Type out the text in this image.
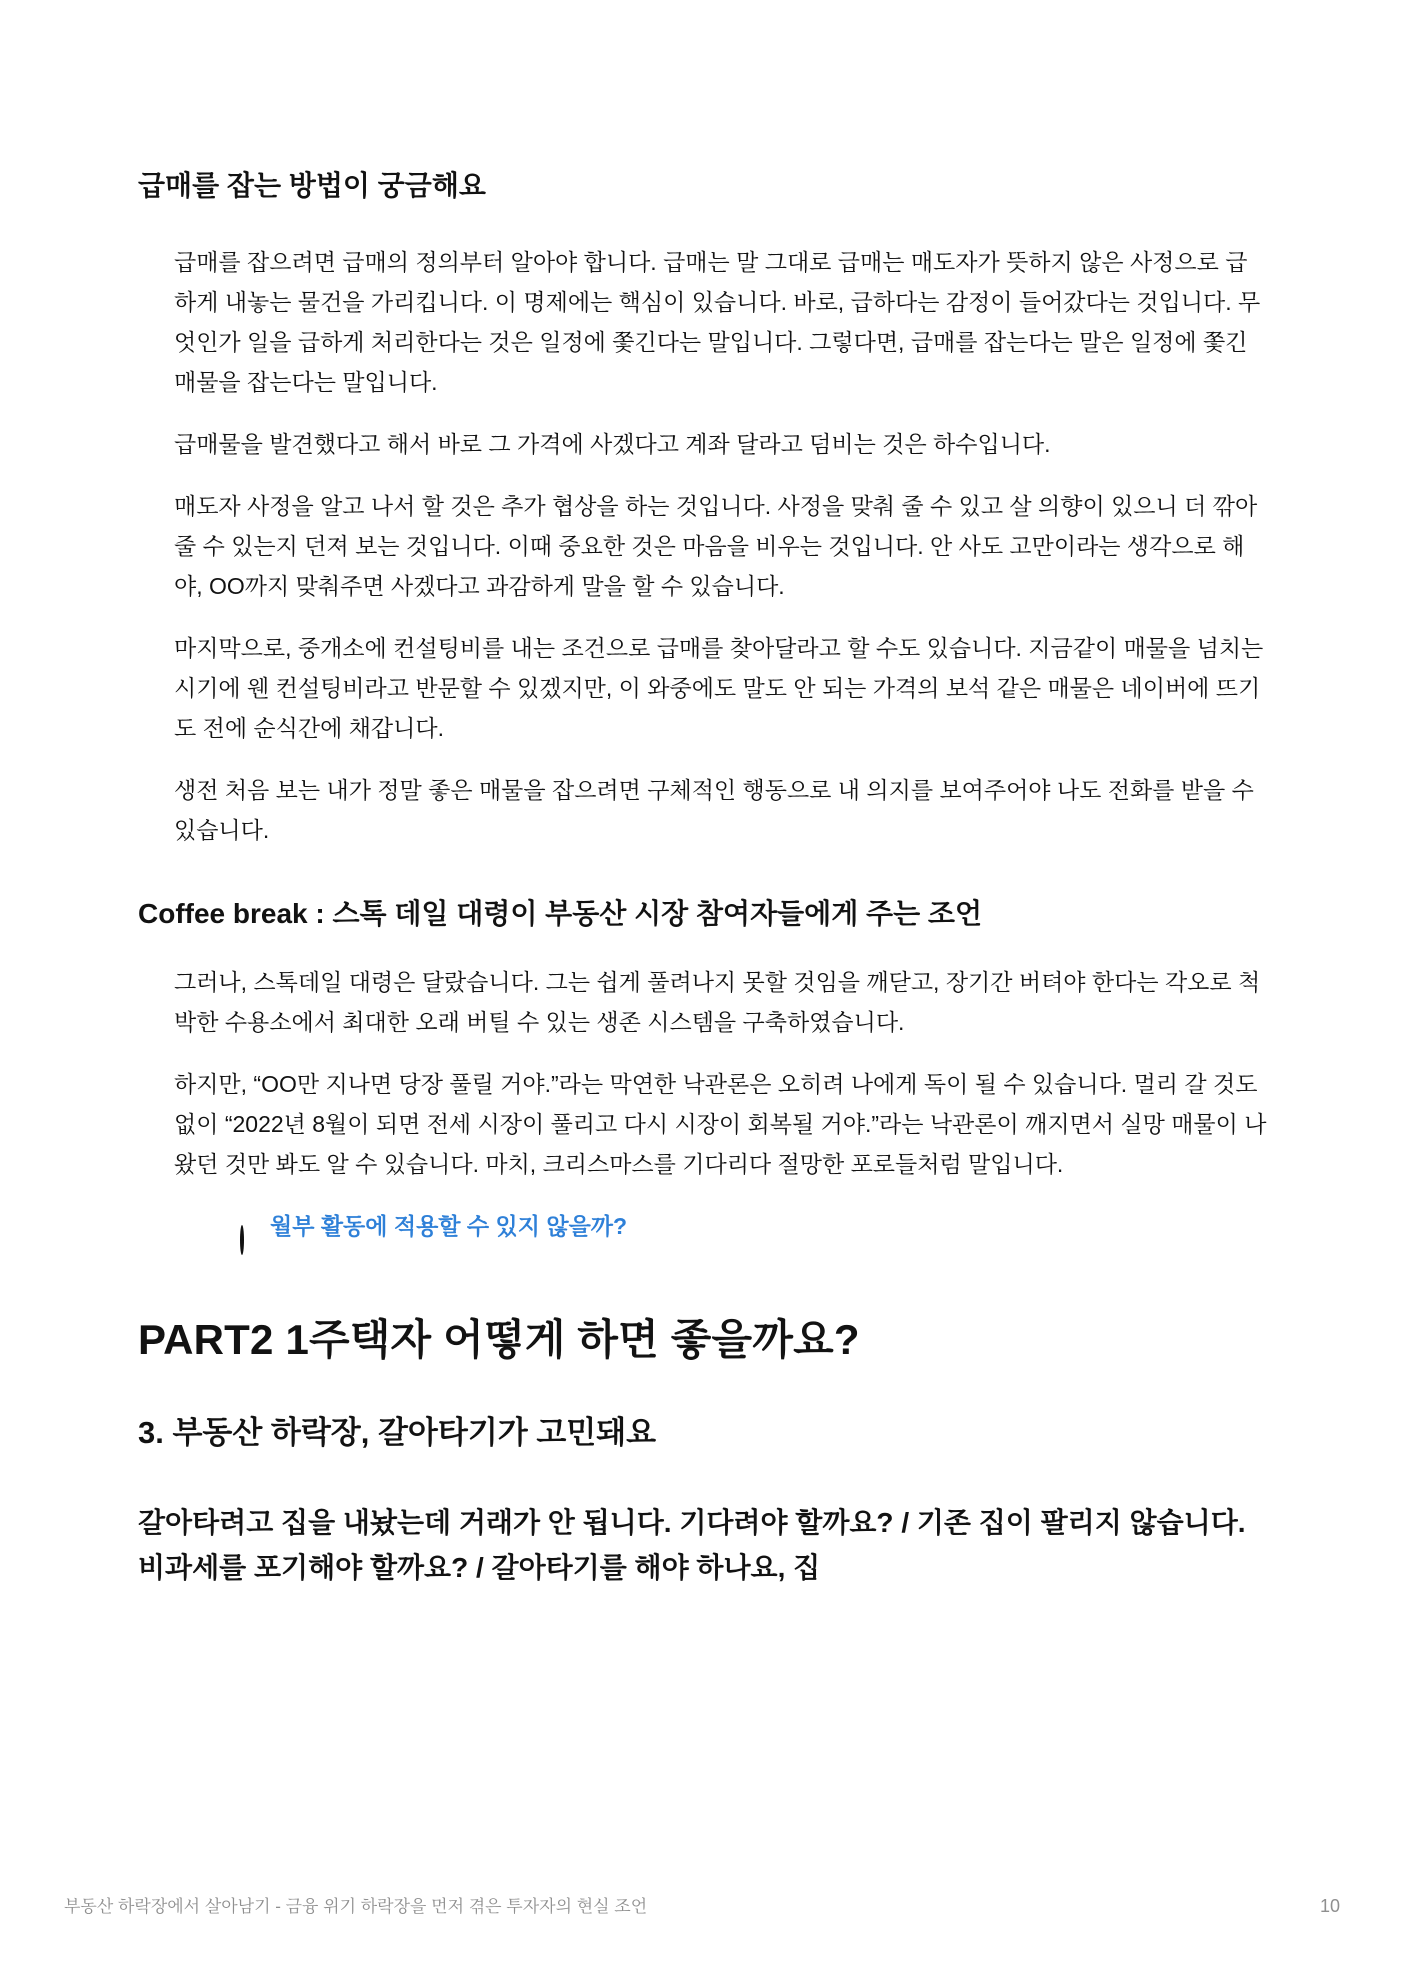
급매를 잡는 방법이 궁금해요
급매를 잡으려면 급매의 정의부터 알아야 합니다. 급매는 말 그대로 급매는 매도자가 뜻하지 않은 사정으로 급하게 내놓는 물건을 가리킵니다. 이 명제에는 핵심이 있습니다. 바로, 급하다는 감정이 들어갔다는 것입니다. 무엇인가 일을 급하게 처리한다는 것은 일정에 쫓긴다는 말입니다. 그렇다면, 급매를 잡는다는 말은 일정에 쫓긴 매물을 잡는다는 말입니다.
급매물을 발견했다고 해서 바로 그 가격에 사겠다고 계좌 달라고 덤비는 것은 하수입니다.
매도자 사정을 알고 나서 할 것은 추가 협상을 하는 것입니다. 사정을 맞춰 줄 수 있고 살 의향이 있으니 더 깎아줄 수 있는지 던져 보는 것입니다. 이때 중요한 것은 마음을 비우는 것입니다. 안 사도 고만이라는 생각으로 해야, OO까지 맞춰주면 사겠다고 과감하게 말을 할 수 있습니다.
마지막으로, 중개소에 컨설팅비를 내는 조건으로 급매를 찾아달라고 할 수도 있습니다. 지금같이 매물을 넘치는 시기에 웬 컨설팅비라고 반문할 수 있겠지만, 이 와중에도 말도 안 되는 가격의 보석 같은 매물은 네이버에 뜨기도 전에 순식간에 채갑니다.
생전 처음 보는 내가 정말 좋은 매물을 잡으려면 구체적인 행동으로 내 의지를 보여주어야 나도 전화를 받을 수 있습니다.
Coffee break : 스톡 데일 대령이 부동산 시장 참여자들에게 주는 조언
그러나, 스톡데일 대령은 달랐습니다. 그는 쉽게 풀려나지 못할 것임을 깨닫고, 장기간 버텨야 한다는 각오로 척박한 수용소에서 최대한 오래 버틸 수 있는 생존 시스템을 구축하였습니다.
하지만, “OO만 지나면 당장 풀릴 거야.”라는 막연한 낙관론은 오히려 나에게 독이 될 수 있습니다. 멀리 갈 것도 없이 “2022년 8월이 되면 전세 시장이 풀리고 다시 시장이 회복될 거야.”라는 낙관론이 깨지면서 실망 매물이 나왔던 것만 봐도 알 수 있습니다. 마치, 크리스마스를 기다리다 절망한 포로들처럼 말입니다.
월부 활동에 적용할 수 있지 않을까?
PART2 1주택자 어떻게 하면 좋을까요?
3. 부동산 하락장, 갈아타기가 고민돼요

갈아타려고 집을 내놨는데 거래가 안 됩니다. 기다려야 할까요? / 기존 집이 팔리지 않습니다. 비과세를 포기해야 할까요? / 갈아타기를 해야 하나요, 집

부동산 하락장에서 살아남기 - 금융 위기 하락장을 먼저 겪은 투자자의 현실 조언	10
